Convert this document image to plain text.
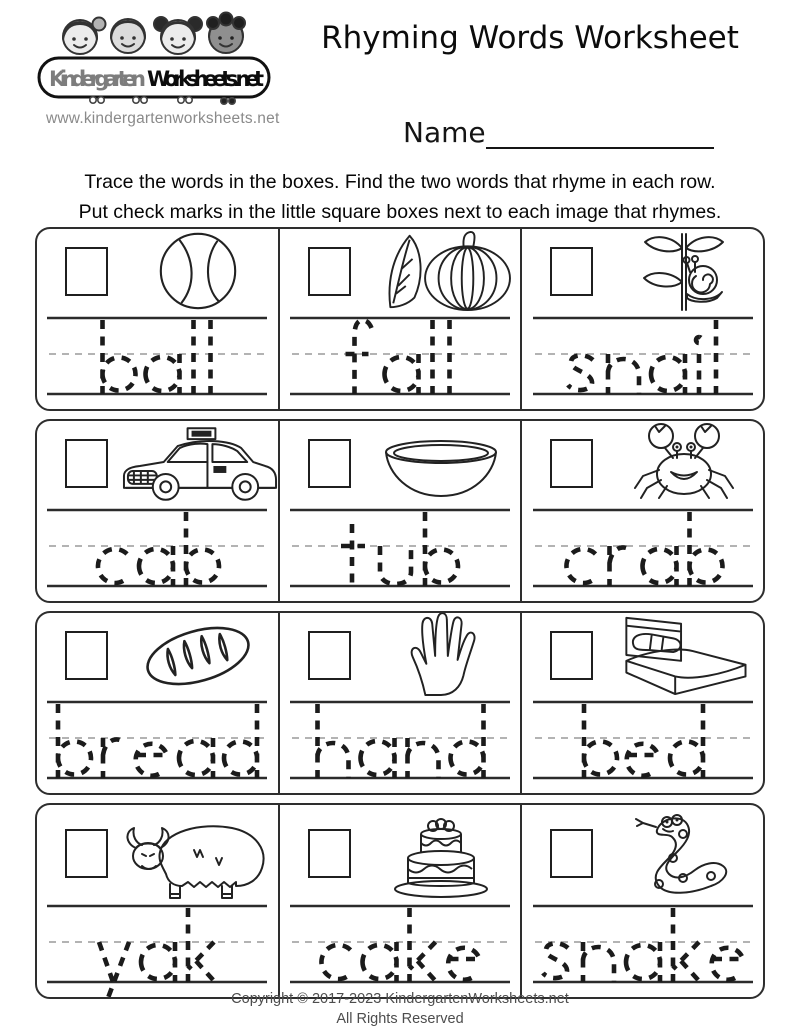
Kindergarten Worksheets.net
www.kindergartenworksheets.net
Rhyming Words Worksheet
Name
Trace the words in the boxes. Find the two words that rhyme in each row.
Put check marks in the little square boxes next to each image that rhymes.
Copyright © 2017-2023 KindergartenWorksheets.net
All Rights Reserved
